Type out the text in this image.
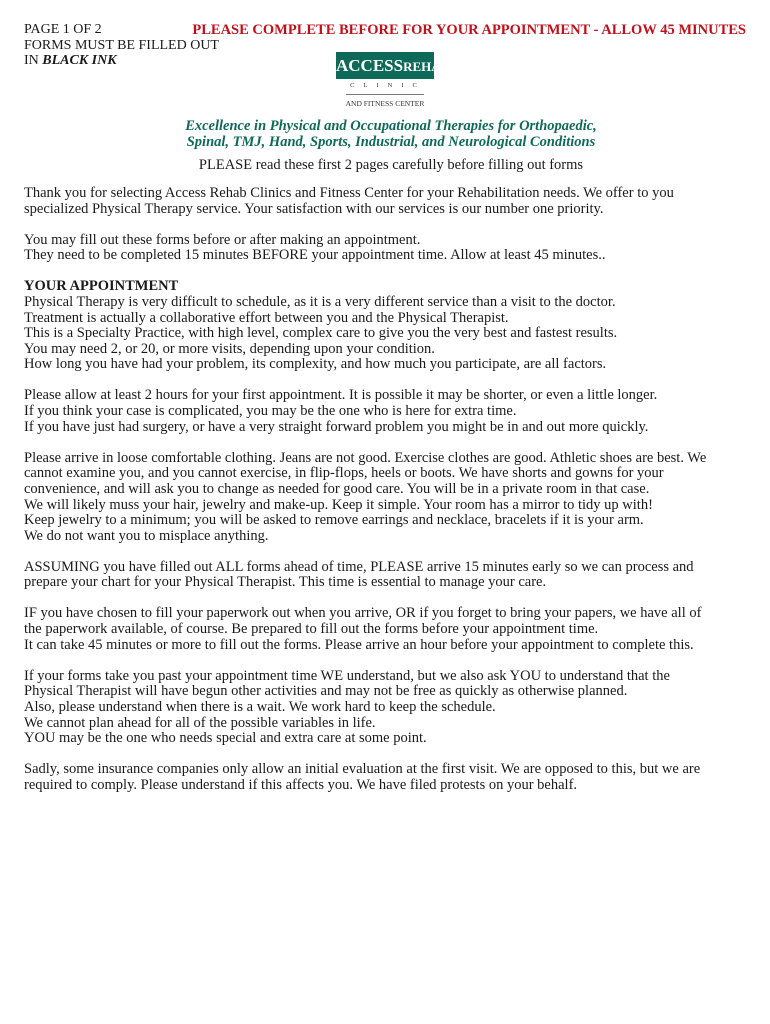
PAGE 1 OF 2
FORMS MUST BE FILLED OUT
IN BLACK INK
PLEASE COMPLETE BEFORE FOR YOUR APPOINTMENT - ALLOW 45 MINUTES
ACCESSREHAB
CLINIC
AND FITNESS CENTER
Excellence in Physical and Occupational Therapies for Orthopaedic,
Spinal, TMJ, Hand, Sports, Industrial, and Neurological Conditions
PLEASE read these first 2 pages carefully before filling out forms

Thank you for selecting Access Rehab Clinics and Fitness Center for your Rehabilitation needs. We offer to you
specialized Physical Therapy service. Your satisfaction with our services is our number one priority.

You may fill out these forms before or after making an appointment.
They need to be completed 15 minutes BEFORE your appointment time. Allow at least 45 minutes..

YOUR APPOINTMENT
Physical Therapy is very difficult to schedule, as it is a very different service than a visit to the doctor.
Treatment is actually a collaborative effort between you and the Physical Therapist.
This is a Specialty Practice, with high level, complex care to give you the very best and fastest results.
You may need 2, or 20, or more visits, depending upon your condition.
How long you have had your problem, its complexity, and how much you participate, are all factors.

Please allow at least 2 hours for your first appointment. It is possible it may be shorter, or even a little longer.
If you think your case is complicated, you may be the one who is here for extra time.
If you have just had surgery, or have a very straight forward problem you might be in and out more quickly.

Please arrive in loose comfortable clothing. Jeans are not good. Exercise clothes are good. Athletic shoes are best. We
cannot examine you, and you cannot exercise, in flip-flops, heels or boots. We have shorts and gowns for your
convenience, and will ask you to change as needed for good care. You will be in a private room in that case.
We will likely muss your hair, jewelry and make-up. Keep it simple. Your room has a mirror to tidy up with!
Keep jewelry to a minimum; you will be asked to remove earrings and necklace, bracelets if it is your arm.
We do not want you to misplace anything.

ASSUMING you have filled out ALL forms ahead of time, PLEASE arrive 15 minutes early so we can process and
prepare your chart for your Physical Therapist. This time is essential to manage your care.

IF you have chosen to fill your paperwork out when you arrive, OR if you forget to bring your papers, we have all of
the paperwork available, of course. Be prepared to fill out the forms before your appointment time.
It can take 45 minutes or more to fill out the forms. Please arrive an hour before your appointment to complete this.

If your forms take you past your appointment time WE understand, but we also ask YOU to understand that the
Physical Therapist will have begun other activities and may not be free as quickly as otherwise planned.
Also, please understand when there is a wait. We work hard to keep the schedule.
We cannot plan ahead for all of the possible variables in life.
YOU may be the one who needs special and extra care at some point.

Sadly, some insurance companies only allow an initial evaluation at the first visit. We are opposed to this, but we are
required to comply. Please understand if this affects you. We have filed protests on your behalf.
